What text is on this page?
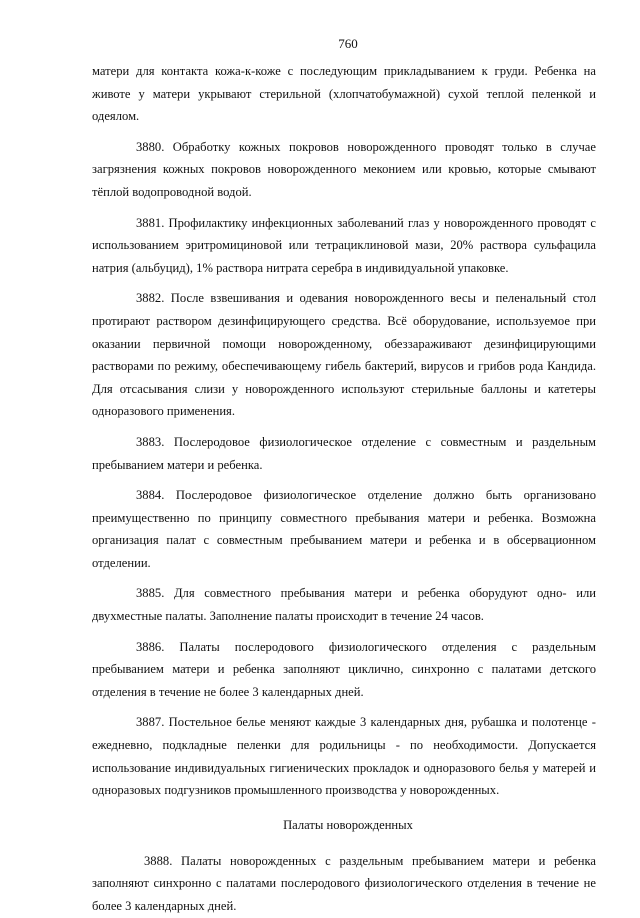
760

матери для контакта кожа-к-коже с последующим прикладыванием к груди. Ребенка на животе у матери укрывают стерильной (хлопчатобумажной) сухой теплой пеленкой и одеялом.

3880. Обработку кожных покровов новорожденного проводят только в случае загрязнения кожных покровов новорожденного меконием или кровью, которые смывают тёплой водопроводной водой.

3881. Профилактику инфекционных заболеваний глаз у новорожденного проводят с использованием эритромициновой или тетрациклиновой мази, 20% раствора сульфацила натрия (альбуцид), 1% раствора нитрата серебра в индивидуальной упаковке.

3882. После взвешивания и одевания новорожденного весы и пеленальный стол протирают раствором дезинфицирующего средства. Всё оборудование, используемое при оказании первичной помощи новорожденному, обеззараживают дезинфицирующими растворами по режиму, обеспечивающему гибель бактерий, вирусов и грибов рода Кандида. Для отсасывания слизи у новорожденного используют стерильные баллоны и катетеры одноразового применения.

3883. Послеродовое физиологическое отделение с совместным и раздельным пребыванием матери и ребенка.

3884. Послеродовое физиологическое отделение должно быть организовано преимущественно по принципу совместного пребывания матери и ребенка. Возможна организация палат с совместным пребыванием матери и ребенка и в обсервационном отделении.

3885. Для совместного пребывания матери и ребенка оборудуют одно- или двухместные палаты. Заполнение палаты происходит в течение 24 часов.

3886. Палаты послеродового физиологического отделения с раздельным пребыванием матери и ребенка заполняют циклично, синхронно с палатами детского отделения в течение не более 3 календарных дней.

3887. Постельное белье меняют каждые 3 календарных дня, рубашка и полотенце - ежедневно, подкладные пеленки для родильницы - по необходимости. Допускается использование индивидуальных гигиенических прокладок и одноразового белья у матерей и одноразовых подгузников промышленного производства у новорожденных.

Палаты новорожденных

3888. Палаты новорожденных с раздельным пребыванием матери и ребенка заполняют синхронно с палатами послеродового физиологического отделения в течение не более 3 календарных дней.
